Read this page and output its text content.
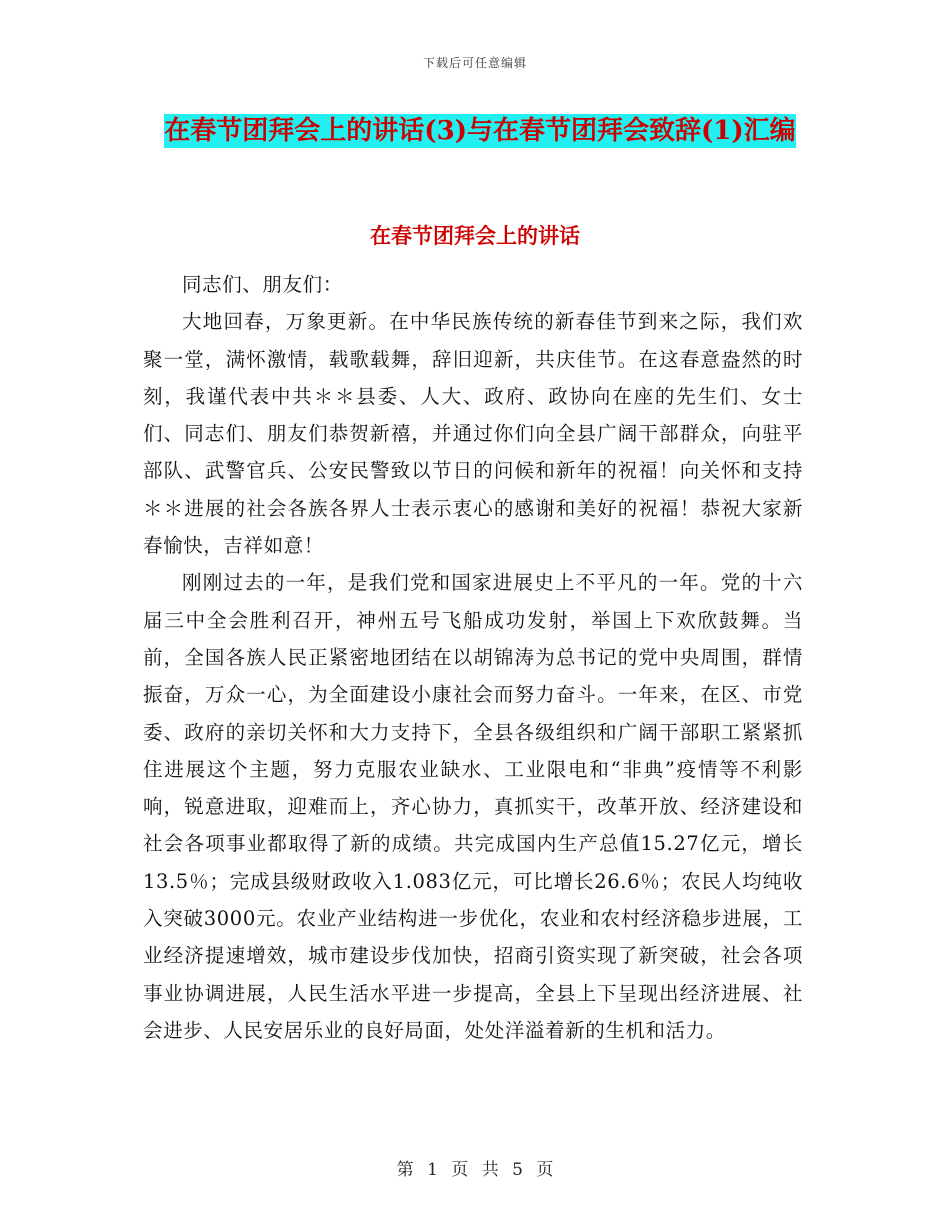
下载后可任意编辑
在春节团拜会上的讲话(3)与在春节团拜会致辞(1)汇编
在春节团拜会上的讲话

同志们、朋友们：

大地回春，万象更新。在中华民族传统的新春佳节到来之际，我们欢聚一堂，满怀激情，载歌载舞，辞旧迎新，共庆佳节。在这春意盎然的时刻，我谨代表中共＊＊县委、人大、政府、政协向在座的先生们、女士们、同志们、朋友们恭贺新禧，并通过你们向全县广阔干部群众，向驻平部队、武警官兵、公安民警致以节日的问候和新年的祝福！向关怀和支持＊＊进展的社会各族各界人士表示衷心的感谢和美好的祝福！恭祝大家新春愉快，吉祥如意！

刚刚过去的一年，是我们党和国家进展史上不平凡的一年。党的十六届三中全会胜利召开，神州五号飞船成功发射，举国上下欢欣鼓舞。当前，全国各族人民正紧密地团结在以胡锦涛为总书记的党中央周围，群情振奋，万众一心，为全面建设小康社会而努力奋斗。一年来，在区、市党委、政府的亲切关怀和大力支持下，全县各级组织和广阔干部职工紧紧抓住进展这个主题，努力克服农业缺水、工业限电和“非典”疫情等不利影响，锐意进取，迎难而上，齐心协力，真抓实干，改革开放、经济建设和社会各项事业都取得了新的成绩。共完成国内生产总值15.27亿元，增长13.5％；完成县级财政收入1.083亿元，可比增长26.6％；农民人均纯收入突破3000元。农业产业结构进一步优化，农业和农村经济稳步进展，工业经济提速增效，城市建设步伐加快，招商引资实现了新突破，社会各项事业协调进展，人民生活水平进一步提高，全县上下呈现出经济进展、社会进步、人民安居乐业的良好局面，处处洋溢着新的生机和活力。

第 1 页 共 5 页
